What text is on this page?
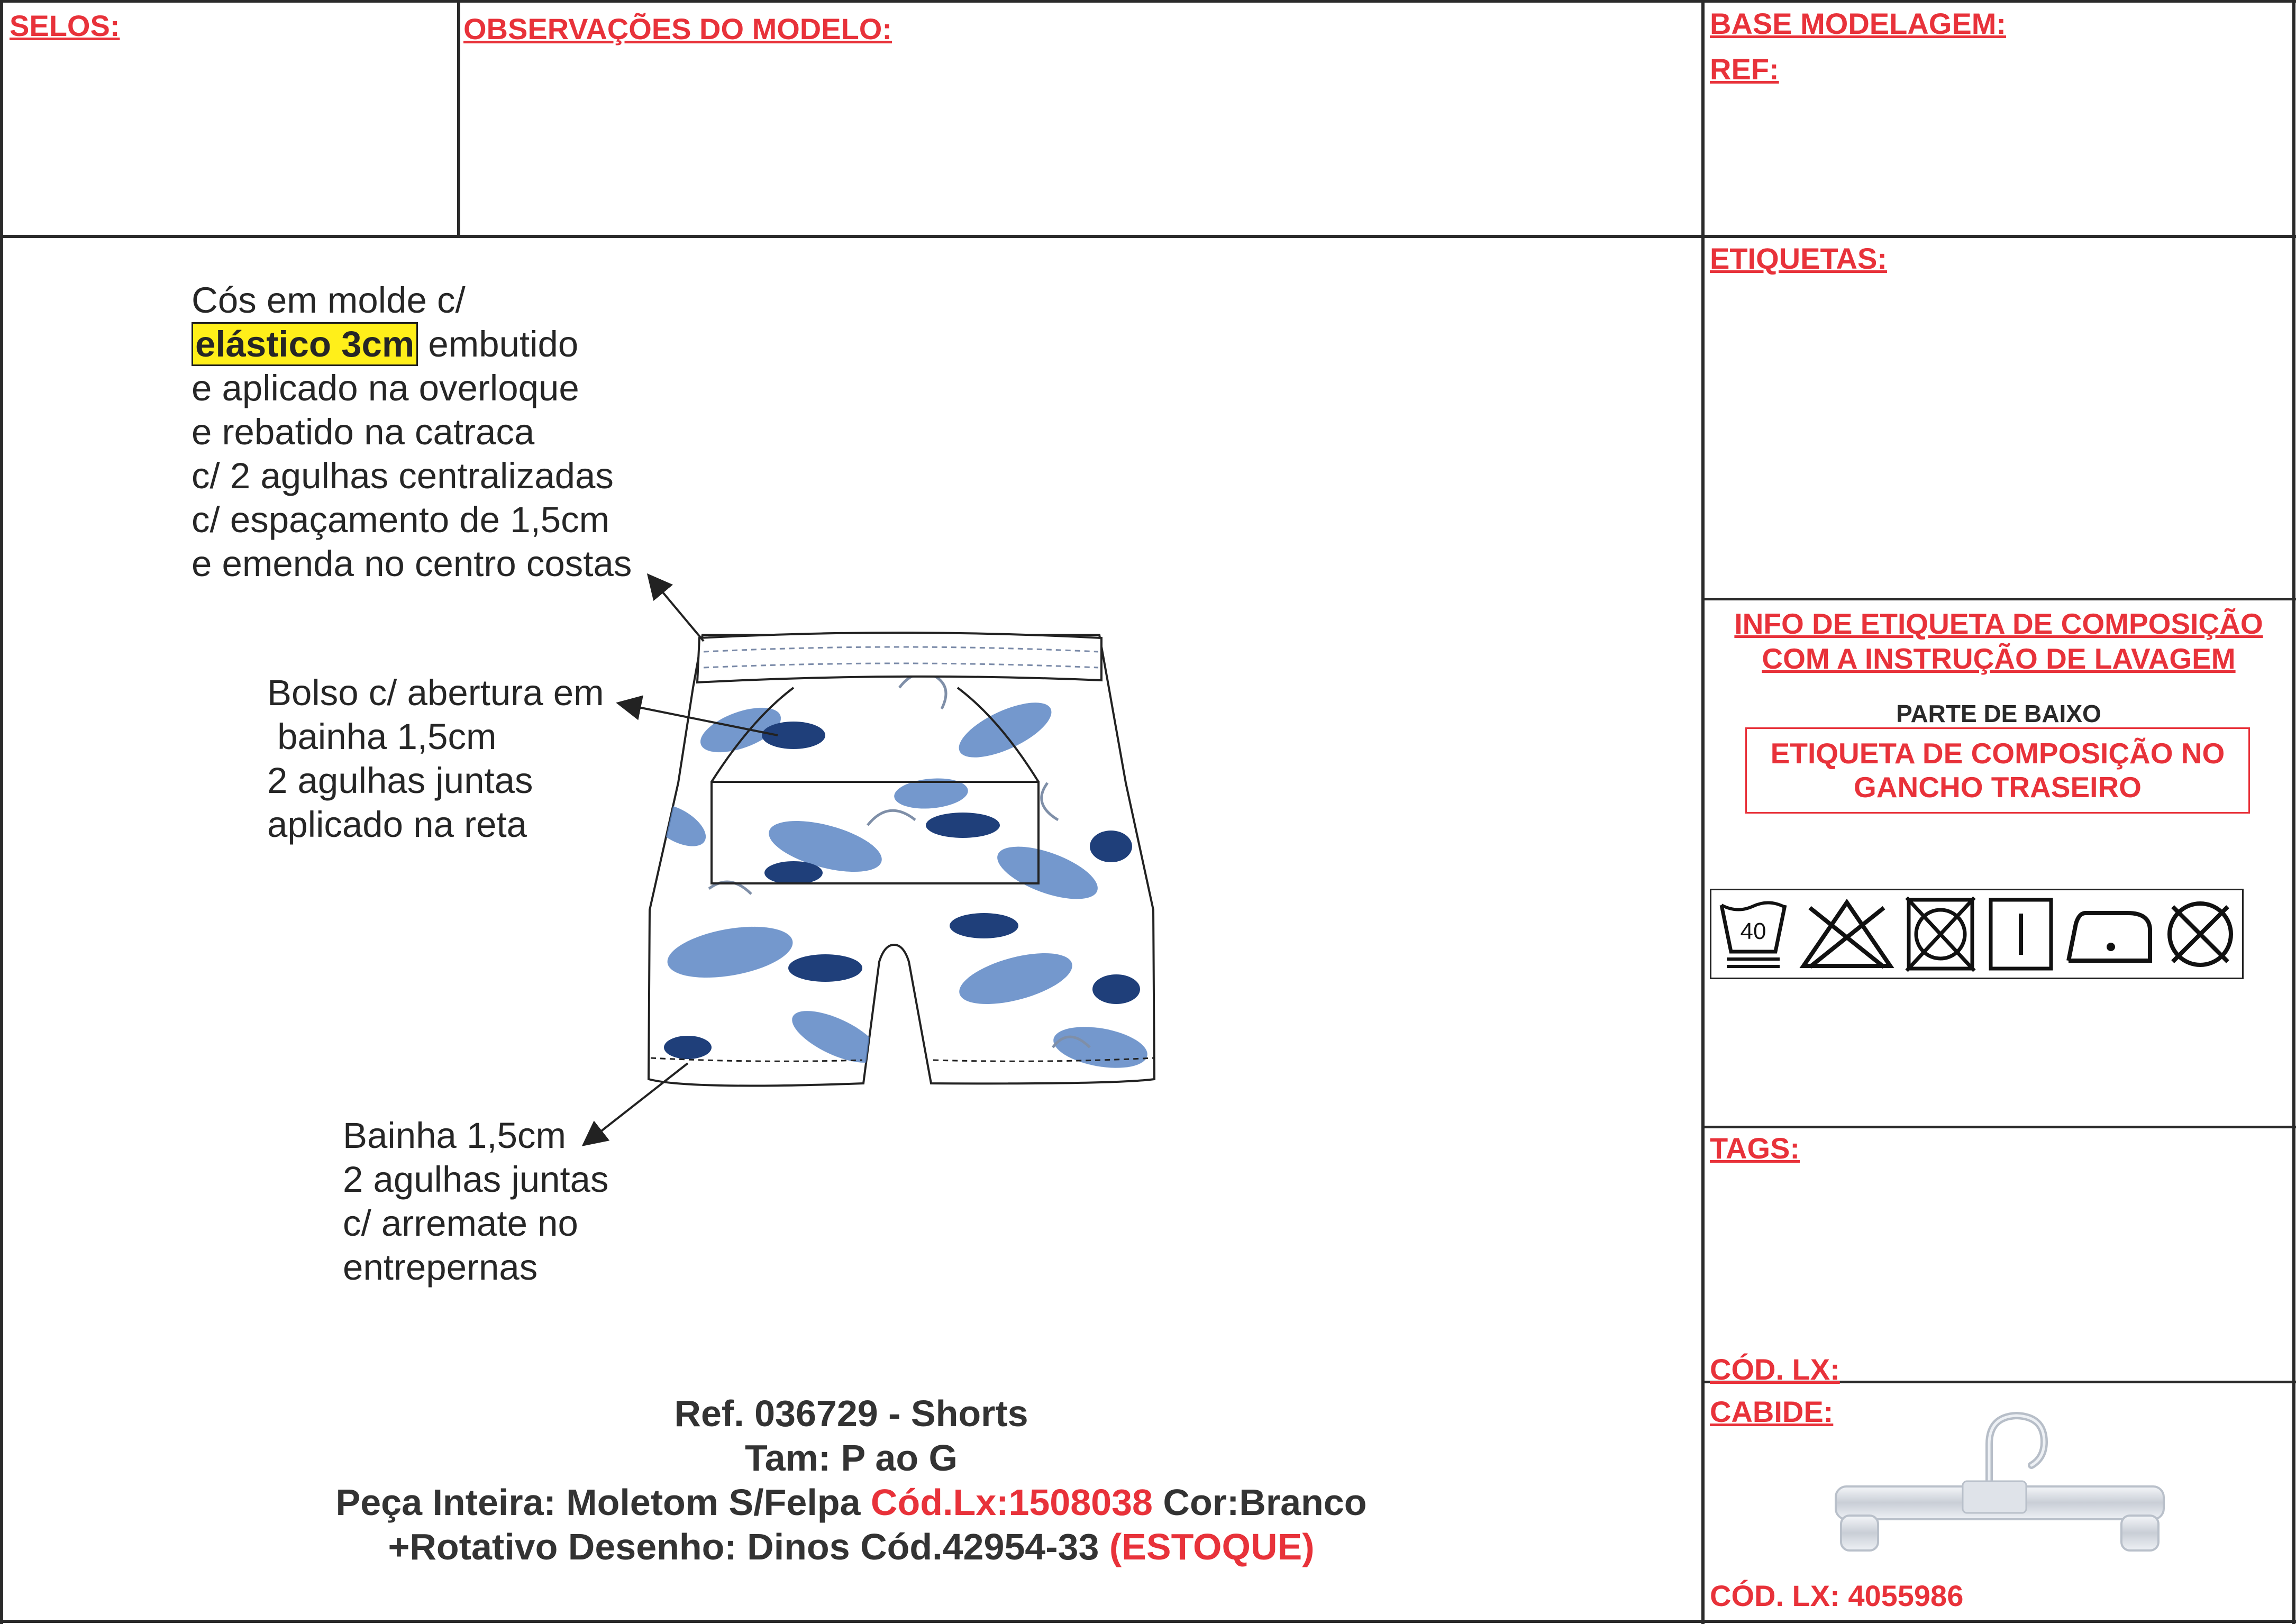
SELOS:	OBSERVAÇÕES DO MODELO:	BASE MODELAGEM:
REF:
ETIQUETAS:
INFO DE ETIQUETA DE COMPOSIÇÃO
COM A INSTRUÇÃO DE LAVAGEM
PARTE DE BAIXO
ETIQUETA DE COMPOSIÇÃO NO
GANCHO TRASEIRO
40
TAGS:
CÓD. LX:
CABIDE:
CÓD. LX: 4055986
Cós em molde c/
elástico 3cm embutido
e aplicado na overloque
e rebatido na catraca
c/ 2 agulhas centralizadas
c/ espaçamento de 1,5cm
e emenda no centro costas
Bolso c/ abertura em
bainha 1,5cm
2 agulhas juntas
aplicado na reta
Bainha 1,5cm
2 agulhas juntas
c/ arremate no
entrepernas
Ref. 036729 - Shorts
Tam: P ao G
Peça Inteira: Moletom S/Felpa Cód.Lx:1508038 Cor:Branco
+Rotativo Desenho: Dinos Cód.42954-33 (ESTOQUE)
